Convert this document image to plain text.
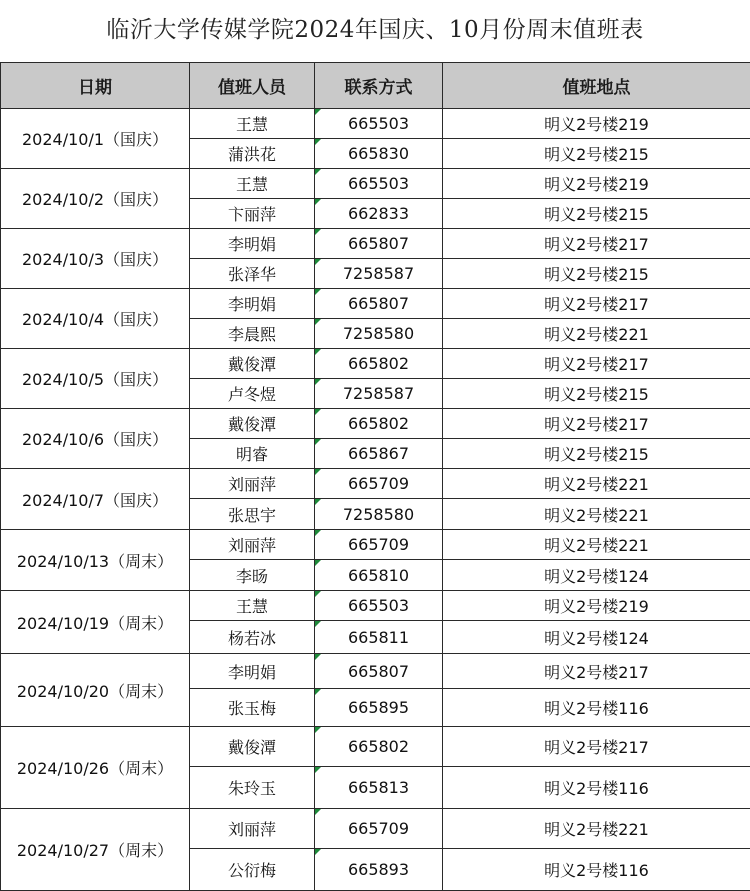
临沂大学传媒学院2024年国庆、10月份周末值班表
日期	值班人员	联系方式	值班地点
2024/10/1（国庆）	王慧	665503	明义2号楼219
	蒲洪花	665830	明义2号楼215
2024/10/2（国庆）	王慧	665503	明义2号楼219
	卞丽萍	662833	明义2号楼215
2024/10/3（国庆）	李明娟	665807	明义2号楼217
	张泽华	7258587	明义2号楼215
2024/10/4（国庆）	李明娟	665807	明义2号楼217
	李晨熙	7258580	明义2号楼221
2024/10/5（国庆）	戴俊潭	665802	明义2号楼217
	卢冬煜	7258587	明义2号楼215
2024/10/6（国庆）	戴俊潭	665802	明义2号楼217
	明睿	665867	明义2号楼215
2024/10/7（国庆）	刘丽萍	665709	明义2号楼221
	张思宇	7258580	明义2号楼221
2024/10/13（周末）	刘丽萍	665709	明义2号楼221
	李旸	665810	明义2号楼124
2024/10/19（周末）	王慧	665503	明义2号楼219
	杨若冰	665811	明义2号楼124
2024/10/20（周末）	李明娟	665807	明义2号楼217
	张玉梅	665895	明义2号楼116
2024/10/26（周末）	戴俊潭	665802	明义2号楼217
	朱玲玉	665813	明义2号楼116
2024/10/27（周末）	刘丽萍	665709	明义2号楼221
	公衍梅	665893	明义2号楼116
